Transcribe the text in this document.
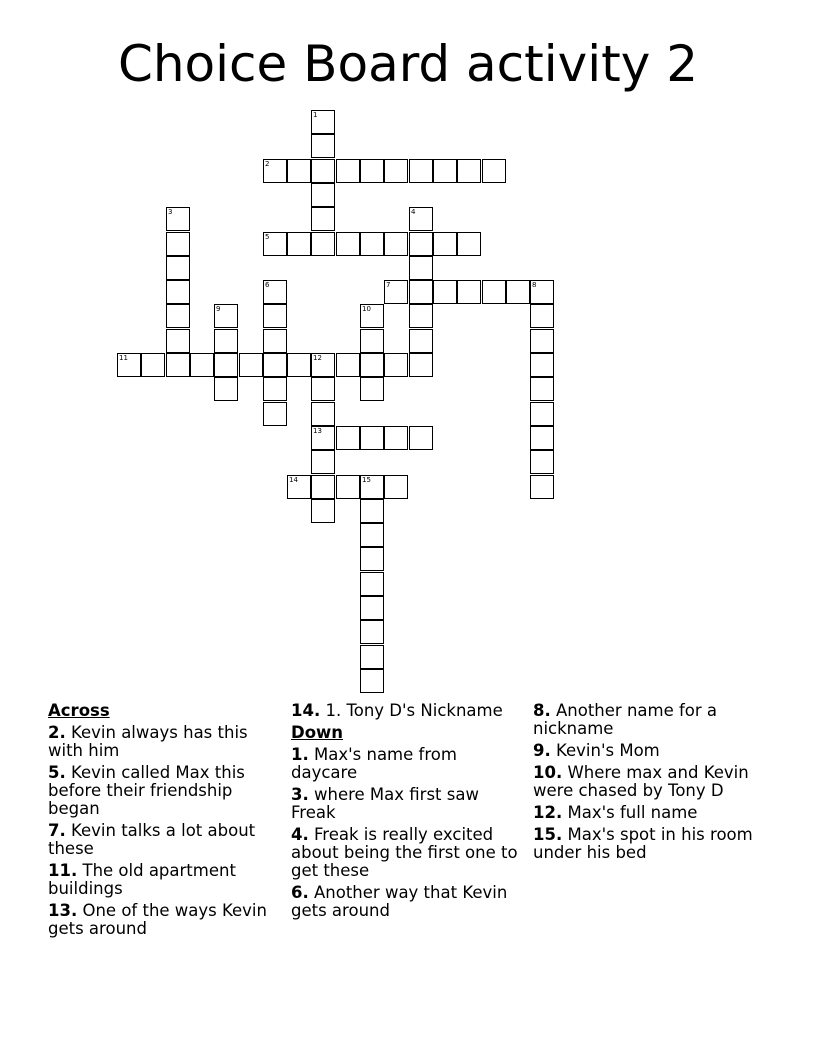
Choice Board activity 2
1
2
3	4
5
6	7	8
9	10
11	12
13
14	15
Across
2. Kevin always has this with him
5. Kevin called Max this before their friendship began
7. Kevin talks a lot about these
11. The old apartment buildings
13. One of the ways Kevin gets around
14. 1. Tony D's Nickname
Down
1. Max's name from daycare
3. where Max first saw Freak
4. Freak is really excited about being the first one to get these
6. Another way that Kevin gets around
8. Another name for a nickname
9. Kevin's Mom
10. Where max and Kevin were chased by Tony D
12. Max's full name
15. Max's spot in his room under his bed
